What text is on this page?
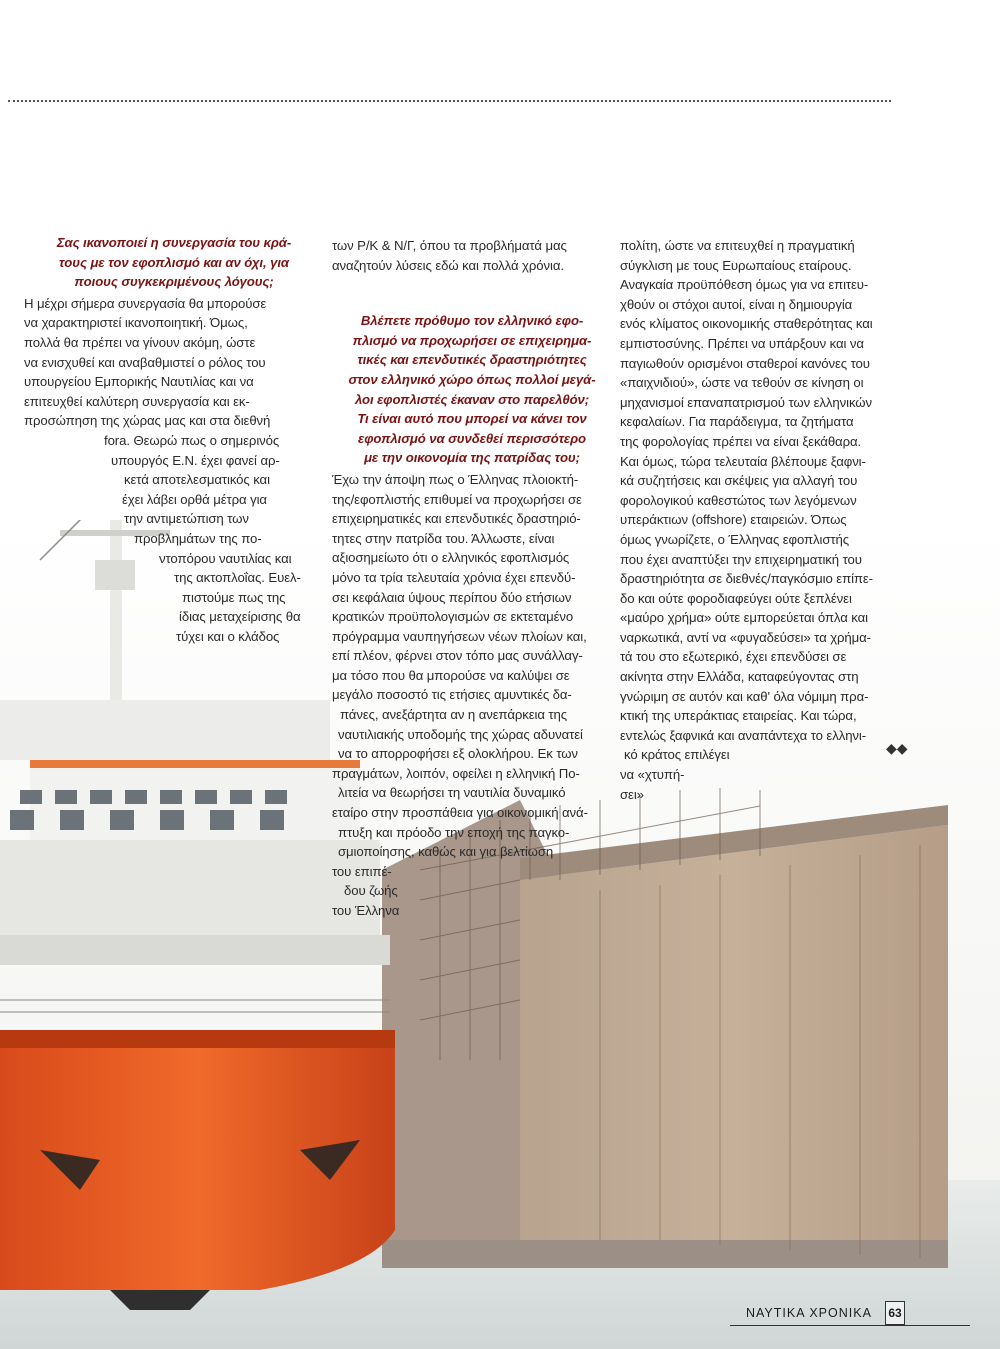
Σας ικανοποιεί η συνεργασία του κρά-
τους με τον εφοπλισμό και αν όχι, για
ποιους συγκεκριμένους λόγους;
Η μέχρι σήμερα συνεργασία θα μπορούσε
να χαρακτηριστεί ικανοποιητική. Όμως,
πολλά θα πρέπει να γίνουν ακόμη, ώστε
να ενισχυθεί και αναβαθμιστεί ο ρόλος του
υπουργείου Εμπορικής Ναυτιλίας και να
επιτευχθεί καλύτερη συνεργασία και εκ-
προσώπηση της χώρας μας και στα διεθνή
fora. Θεωρώ πως ο σημερινός
υπουργός Ε.Ν. έχει φανεί αρ-
κετά αποτελεσματικός και
έχει λάβει ορθά μέτρα για
την αντιμετώπιση των
προβλημάτων της πο-
ντοπόρου ναυτιλίας και
της ακτοπλοΐας. Ευελ-
πιστούμε πως της
ίδιας μεταχείρισης θα
τύχει και ο κλάδος
των Ρ/Κ & Ν/Γ, όπου τα προβλήματά μας
αναζητούν λύσεις εδώ και πολλά χρόνια.
Βλέπετε πρόθυμο τον ελληνικό εφο-
πλισμό να προχωρήσει σε επιχειρημα-
τικές και επενδυτικές δραστηριότητες
στον ελληνικό χώρο όπως πολλοί μεγά-
λοι εφοπλιστές έκαναν στο παρελθόν;
Τι είναι αυτό που μπορεί να κάνει τον
εφοπλισμό να συνδεθεί περισσότερο
με την οικονομία της πατρίδας του;
Έχω την άποψη πως ο Έλληνας πλοιοκτή-
της/εφοπλιστής επιθυμεί να προχωρήσει σε
επιχειρηματικές και επενδυτικές δραστηριό-
τητες στην πατρίδα του. Άλλωστε, είναι
αξιοσημείωτο ότι ο ελληνικός εφοπλισμός
μόνο τα τρία τελευταία χρόνια έχει επενδύ-
σει κεφάλαια ύψους περίπου δύο ετήσιων
κρατικών προϋπολογισμών σε εκτεταμένο
πρόγραμμα ναυπηγήσεων νέων πλοίων και,
επί πλέον, φέρνει στον τόπο μας συνάλλαγ-
μα τόσο που θα μπορούσε να καλύψει σε
μεγάλο ποσοστό τις ετήσιες αμυντικές δα-
πάνες, ανεξάρτητα αν η ανεπάρκεια της
ναυτιλιακής υποδομής της χώρας αδυνατεί
να το απορροφήσει εξ ολοκλήρου. Εκ των
πραγμάτων, λοιπόν, οφείλει η ελληνική Πο-
λιτεία να θεωρήσει τη ναυτιλία δυναμικό
εταίρο στην προσπάθεια για οικονομική ανά-
πτυξη και πρόοδο την εποχή της παγκο-
σμιοποίησης, καθώς και για βελτίωση
του επιπέ-
δου ζωής
του Έλληνα
πολίτη, ώστε να επιτευχθεί η πραγματική
σύγκλιση με τους Ευρωπαίους εταίρους.
Αναγκαία προϋπόθεση όμως για να επιτευ-
χθούν οι στόχοι αυτοί, είναι η δημιουργία
ενός κλίματος οικονομικής σταθερότητας και
εμπιστοσύνης. Πρέπει να υπάρξουν και να
παγιωθούν ορισμένοι σταθεροί κανόνες του
«παιχνιδιού», ώστε να τεθούν σε κίνηση οι
μηχανισμοί επαναπατρισμού των ελληνικών
κεφαλαίων. Για παράδειγμα, τα ζητήματα
της φορολογίας πρέπει να είναι ξεκάθαρα.
Και όμως, τώρα τελευταία βλέπουμε ξαφνι-
κά συζητήσεις και σκέψεις για αλλαγή του
φορολογικού καθεστώτος των λεγόμενων
υπεράκτιων (offshore) εταιρειών. Όπως
όμως γνωρίζετε, ο Έλληνας εφοπλιστής
που έχει αναπτύξει την επιχειρηματική του
δραστηριότητα σε διεθνές/παγκόσμιο επίπε-
δο και ούτε φοροδιαφεύγει ούτε ξεπλένει
«μαύρο χρήμα» ούτε εμπορεύεται όπλα και
ναρκωτικά, αντί να «φυγαδεύσει» τα χρήμα-
τά του στο εξωτερικό, έχει επενδύσει σε
ακίνητα στην Ελλάδα, καταφεύγοντας στη
γνώριμη σε αυτόν και καθ' όλα νόμιμη πρα-
κτική της υπεράκτιας εταιρείας. Και τώρα,
εντελώς ξαφνικά και αναπάντεχα το ελληνι-
κό κράτος επιλέγει
να «χτυπή-
σει»
◆◆
ΝΑΥΤΙΚΑ ΧΡΟΝΙΚΑ 63
